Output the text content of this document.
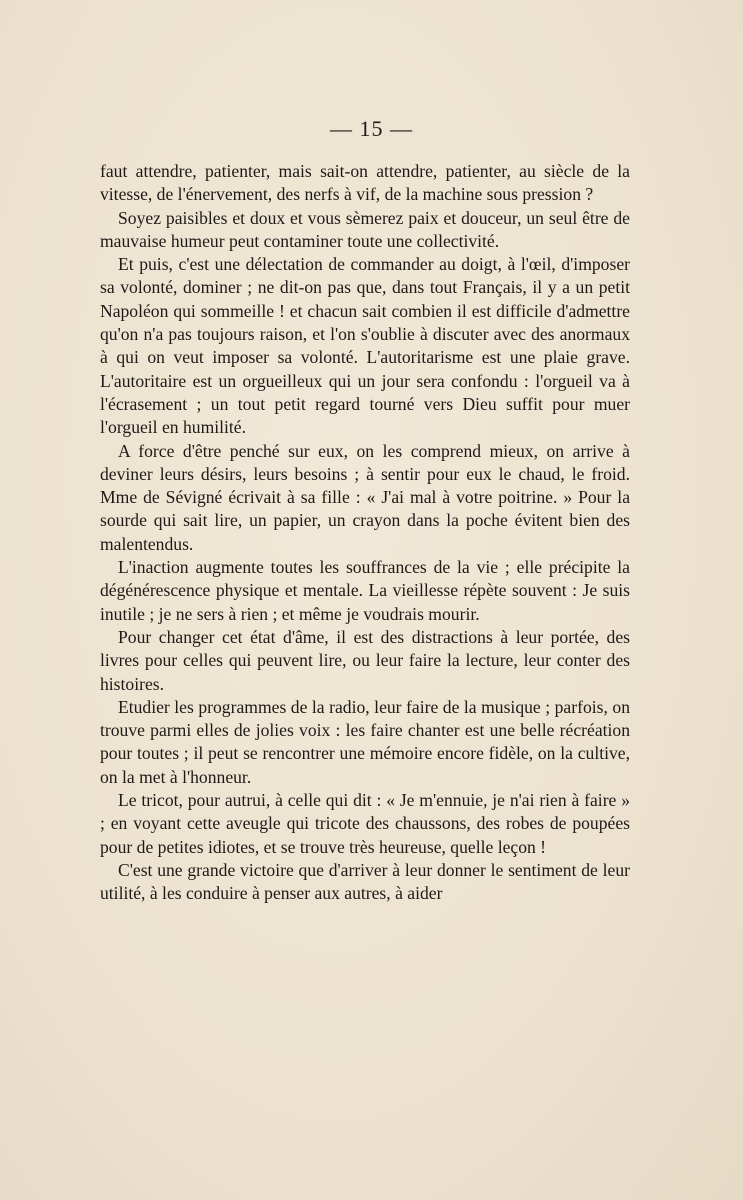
— 15 —

faut attendre, patienter, mais sait-on attendre, patienter, au siècle de la vitesse, de l'énervement, des nerfs à vif, de la machine sous pression ?

Soyez paisibles et doux et vous sèmerez paix et douceur, un seul être de mauvaise humeur peut contaminer toute une collectivité.

Et puis, c'est une délectation de commander au doigt, à l'œil, d'imposer sa volonté, dominer ; ne dit-on pas que, dans tout Français, il y a un petit Napoléon qui sommeille ! et chacun sait combien il est difficile d'admettre qu'on n'a pas toujours raison, et l'on s'oublie à discuter avec des anormaux à qui on veut imposer sa volonté. L'autoritarisme est une plaie grave. L'autoritaire est un orgueilleux qui un jour sera confondu : l'orgueil va à l'écrasement ; un tout petit regard tourné vers Dieu suffit pour muer l'orgueil en humilité.

A force d'être penché sur eux, on les comprend mieux, on arrive à deviner leurs désirs, leurs besoins ; à sentir pour eux le chaud, le froid. Mme de Sévigné écrivait à sa fille : « J'ai mal à votre poitrine. » Pour la sourde qui sait lire, un papier, un crayon dans la poche évitent bien des malentendus.

L'inaction augmente toutes les souffrances de la vie ; elle précipite la dégénérescence physique et mentale. La vieillesse répète souvent : Je suis inutile ; je ne sers à rien ; et même je voudrais mourir.

Pour changer cet état d'âme, il est des distractions à leur portée, des livres pour celles qui peuvent lire, ou leur faire la lecture, leur conter des histoires.

Etudier les programmes de la radio, leur faire de la musique ; parfois, on trouve parmi elles de jolies voix : les faire chanter est une belle récréation pour toutes ; il peut se rencontrer une mémoire encore fidèle, on la cultive, on la met à l'honneur.

Le tricot, pour autrui, à celle qui dit : « Je m'ennuie, je n'ai rien à faire » ; en voyant cette aveugle qui tricote des chaussons, des robes de poupées pour de petites idiotes, et se trouve très heureuse, quelle leçon !

C'est une grande victoire que d'arriver à leur donner le sentiment de leur utilité, à les conduire à penser aux autres, à aider
